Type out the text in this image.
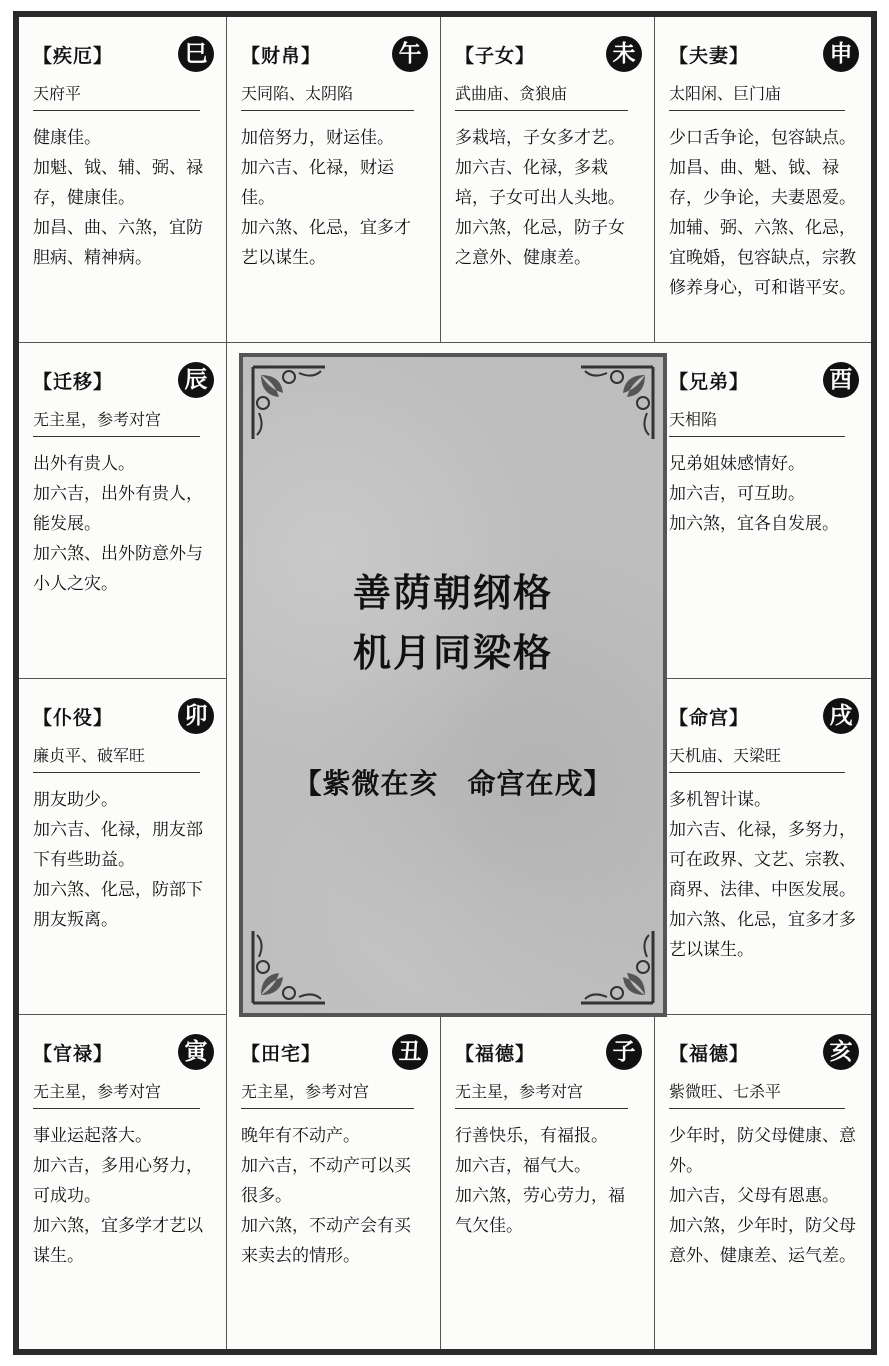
【疾厄】	巳
天府平
健康佳。
加魁、钺、辅、弼、禄存，健康佳。
加昌、曲、六煞，宜防胆病、精神病。
【财帛】	午
天同陷、太阴陷
加倍努力，财运佳。
加六吉、化禄，财运佳。
加六煞、化忌，宜多才艺以谋生。
【子女】	未
武曲庙、贪狼庙
多栽培，子女多才艺。
加六吉、化禄，多栽培，子女可出人头地。
加六煞，化忌，防子女之意外、健康差。
【夫妻】	申
太阳闲、巨门庙
少口舌争论，包容缺点。
加昌、曲、魁、钺、禄存，少争论，夫妻恩爱。
加辅、弼、六煞、化忌，宜晚婚，包容缺点，宗教修养身心，可和谐平安。
【迁移】	辰
无主星，参考对宫
出外有贵人。
加六吉，出外有贵人，能发展。
加六煞、出外防意外与小人之灾。
【兄弟】	酉
天相陷
兄弟姐妹感情好。
加六吉，可互助。
加六煞，宜各自发展。
【仆役】	卯
廉贞平、破军旺
朋友助少。
加六吉、化禄，朋友部下有些助益。
加六煞、化忌，防部下朋友叛离。
【命宫】	戌
天机庙、天梁旺
多机智计谋。
加六吉、化禄，多努力，可在政界、文艺、宗教、商界、法律、中医发展。
加六煞、化忌，宜多才多艺以谋生。
【官禄】	寅
无主星，参考对宫
事业运起落大。
加六吉，多用心努力，可成功。
加六煞，宜多学才艺以谋生。
【田宅】	丑
无主星，参考对宫
晚年有不动产。
加六吉，不动产可以买很多。
加六煞，不动产会有买来卖去的情形。
【福德】	子
无主星，参考对宫
行善快乐，有福报。
加六吉，福气大。
加六煞，劳心劳力，福气欠佳。
【福德】	亥
紫微旺、七杀平
少年时，防父母健康、意外。
加六吉，父母有恩惠。
加六煞，少年时，防父母意外、健康差、运气差。
善荫朝纲格
机月同梁格
【紫微在亥　命宫在戌】
